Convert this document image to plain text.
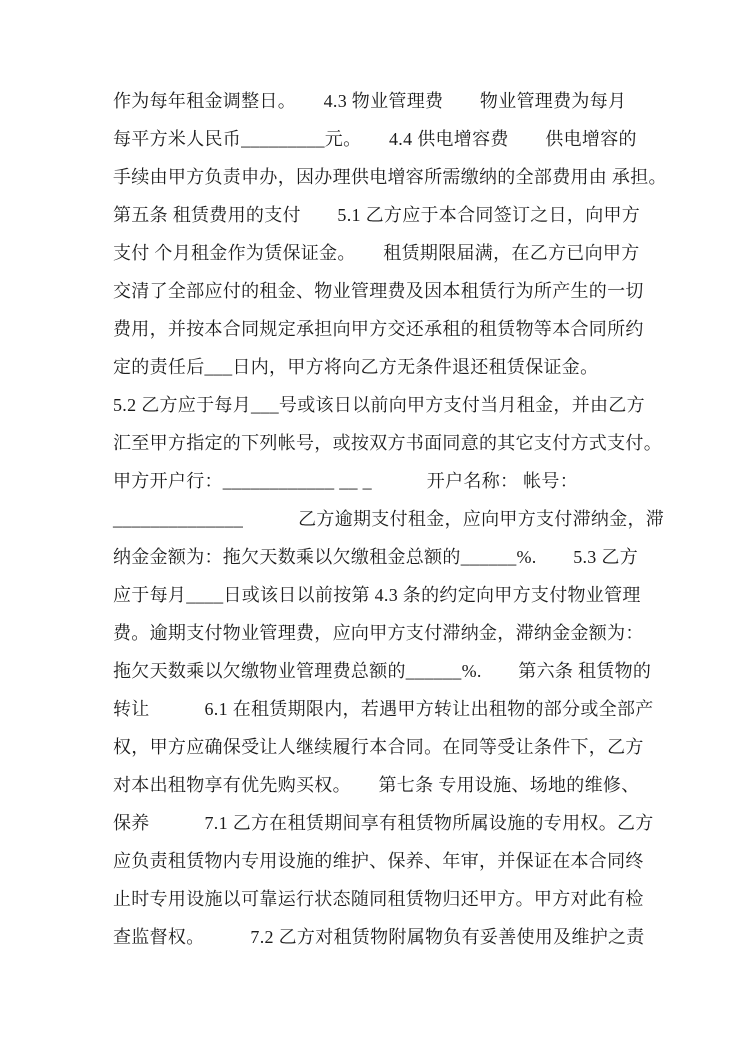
作为每年租金调整日。　　4.3 物业管理费　　物业管理费为每月
每平方米人民币_________元。　　4.4 供电增容费　　供电增容的
手续由甲方负责申办，因办理供电增容所需缴纳的全部费用由 承担。
第五条 租赁费用的支付　　5.1 乙方应于本合同签订之日，向甲方
支付 个月租金作为赁保证金。　　租赁期限届满，在乙方已向甲方
交清了全部应付的租金、物业管理费及因本租赁行为所产生的一切
费用，并按本合同规定承担向甲方交还承租的租赁物等本合同所约
定的责任后___日内，甲方将向乙方无条件退还租赁保证金。
5.2 乙方应于每月___号或该日以前向甲方支付当月租金，并由乙方
汇至甲方指定的下列帐号，或按双方书面同意的其它支付方式支付。
甲方开户行：____________ __ _　　　开户名称： 帐号：
______________　　　乙方逾期支付租金，应向甲方支付滞纳金，滞
纳金金额为：拖欠天数乘以欠缴租金总额的______%.　　5.3 乙方
应于每月____日或该日以前按第 4.3 条的约定向甲方支付物业管理
费。逾期支付物业管理费，应向甲方支付滞纳金，滞纳金金额为：
拖欠天数乘以欠缴物业管理费总额的______%.　　第六条 租赁物的
转让　　　6.1 在租赁期限内，若遇甲方转让出租物的部分或全部产
权，甲方应确保受让人继续履行本合同。在同等受让条件下，乙方
对本出租物享有优先购买权。　　第七条 专用设施、场地的维修、
保养　　　7.1 乙方在租赁期间享有租赁物所属设施的专用权。乙方
应负责租赁物内专用设施的维护、保养、年审，并保证在本合同终
止时专用设施以可靠运行状态随同租赁物归还甲方。甲方对此有检
查监督权。　　　7.2 乙方对租赁物附属物负有妥善使用及维护之责
